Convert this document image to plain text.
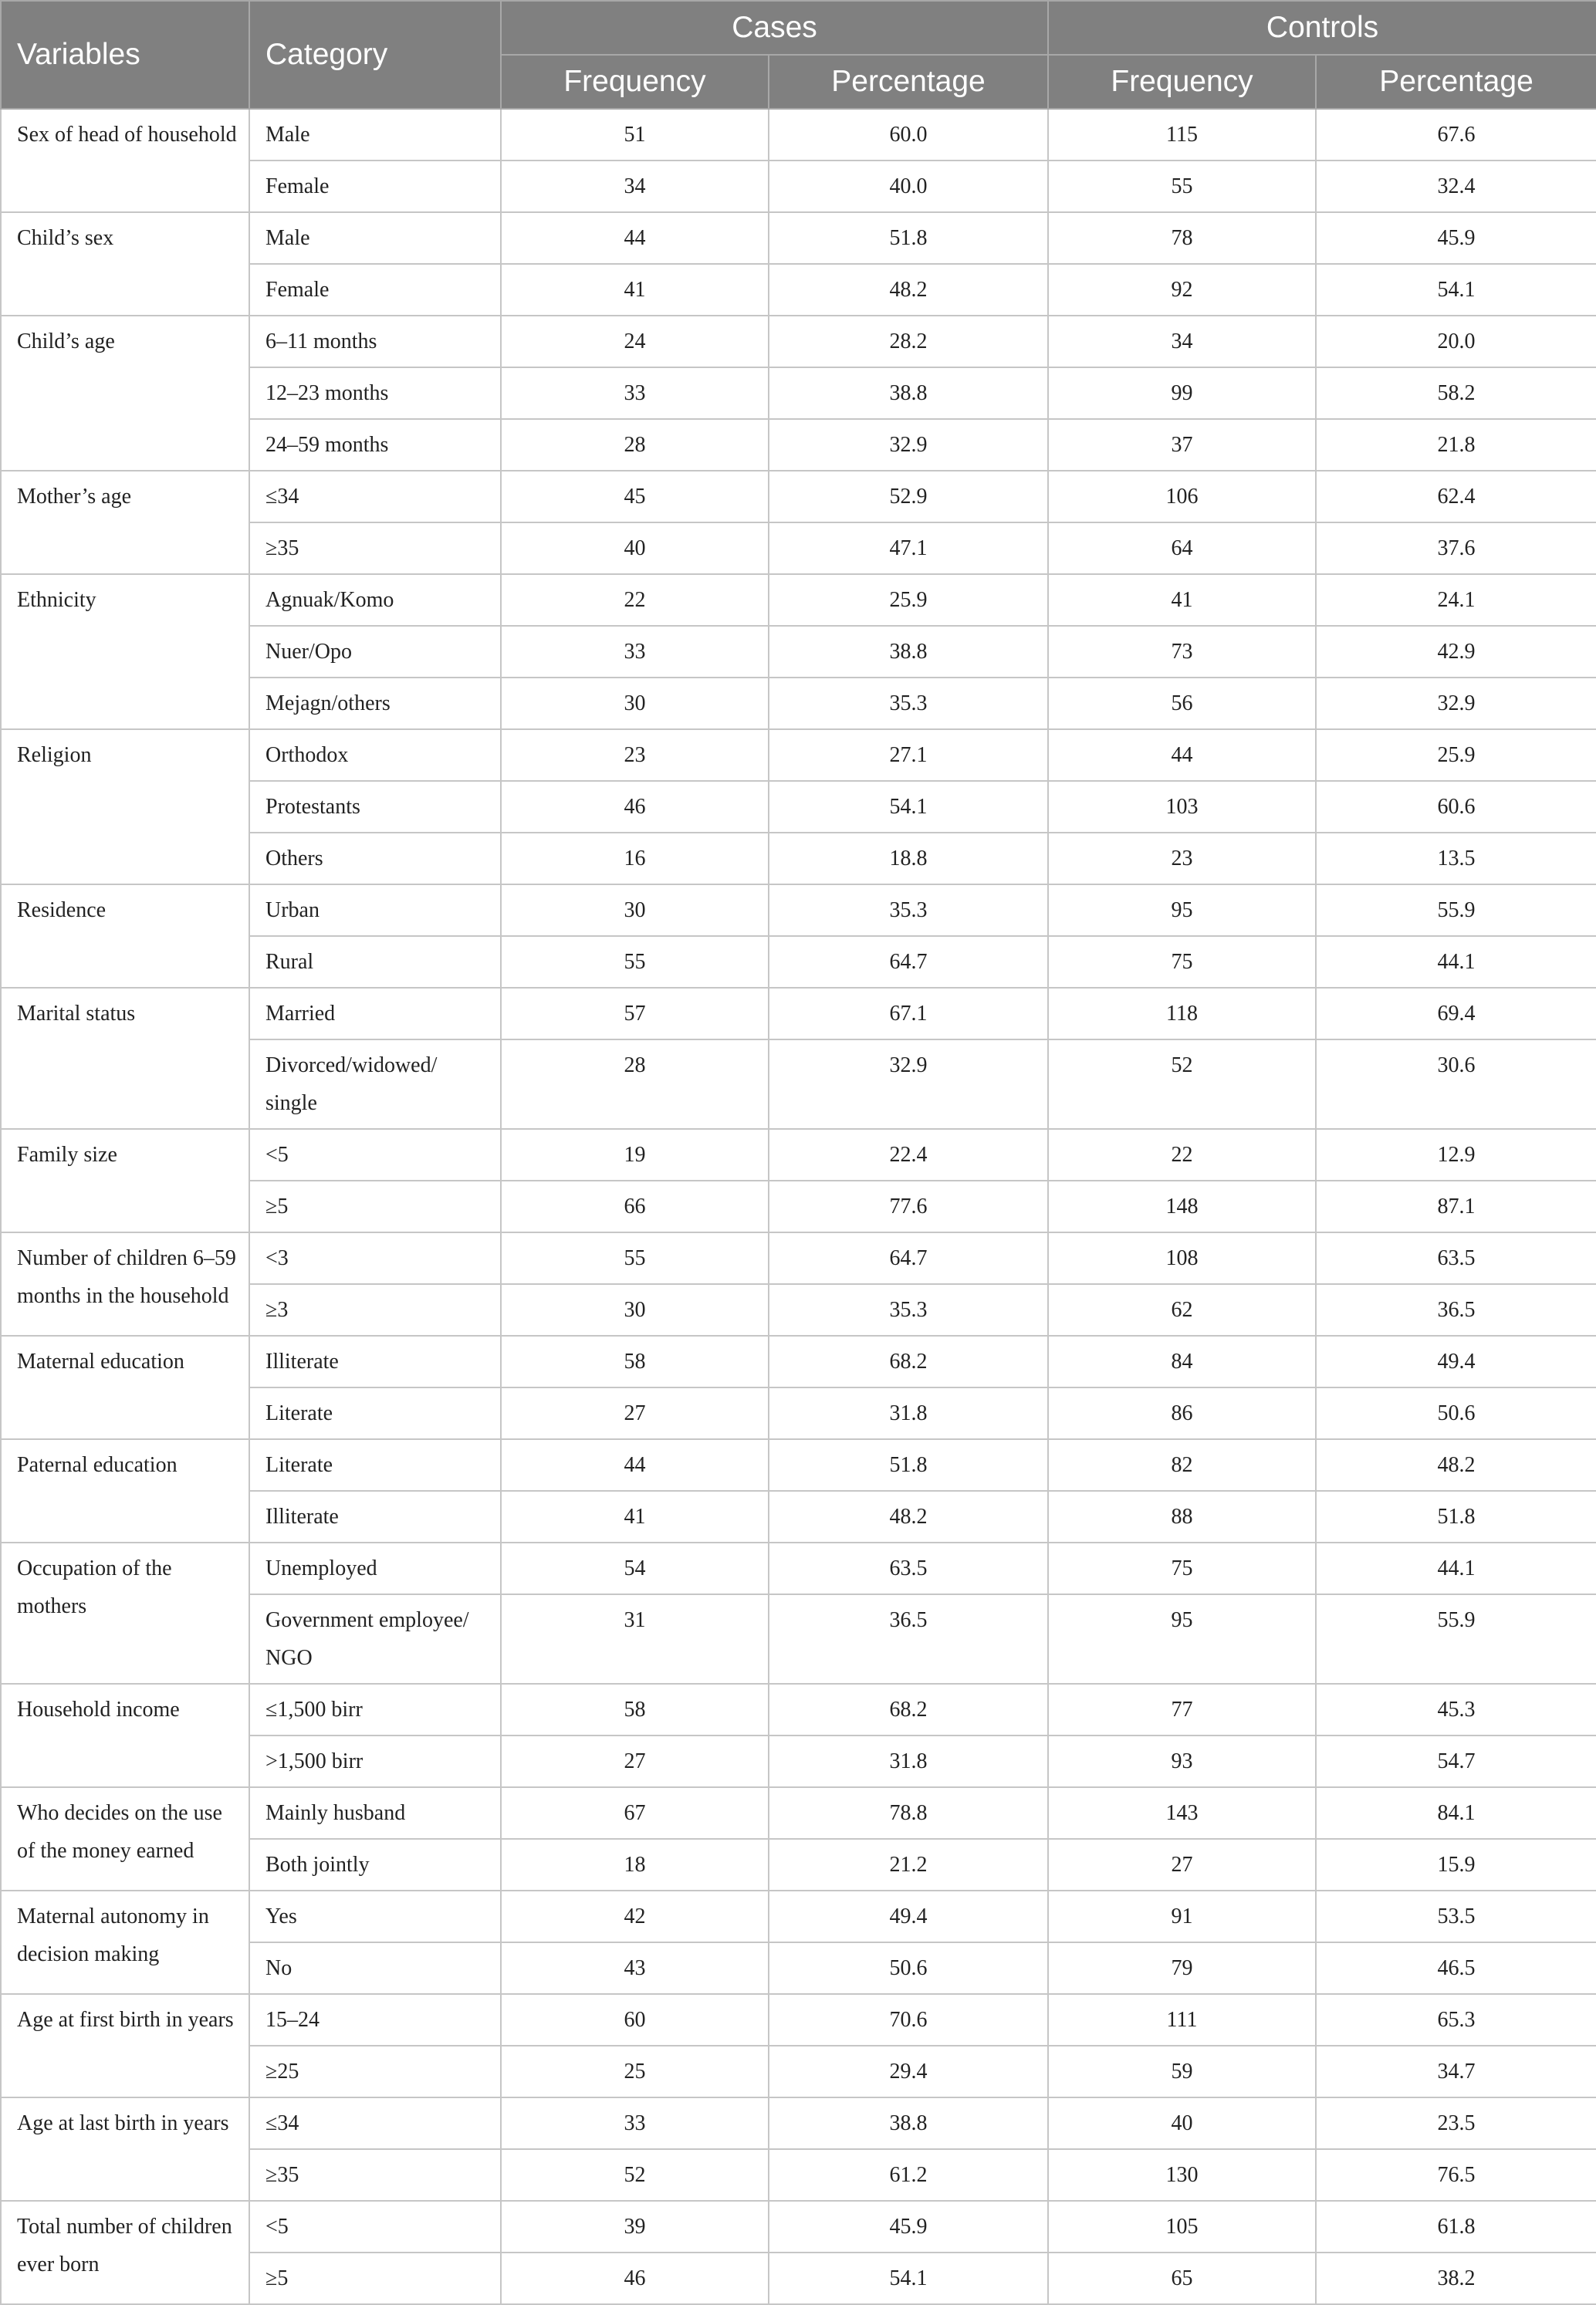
Variables	Category	Cases		Controls	
		Frequency	Percentage	Frequency	Percentage
Sex of head of household	Male	51	60.0	115	67.6
	Female	34	40.0	55	32.4
Child’s sex	Male	44	51.8	78	45.9
	Female	41	48.2	92	54.1
Child’s age	6–11 months	24	28.2	34	20.0
	12–23 months	33	38.8	99	58.2
	24–59 months	28	32.9	37	21.8
Mother’s age	≤34	45	52.9	106	62.4
	≥35	40	47.1	64	37.6
Ethnicity	Agnuak/Komo	22	25.9	41	24.1
	Nuer/Opo	33	38.8	73	42.9
	Mejagn/others	30	35.3	56	32.9
Religion	Orthodox	23	27.1	44	25.9
	Protestants	46	54.1	103	60.6
	Others	16	18.8	23	13.5
Residence	Urban	30	35.3	95	55.9
	Rural	55	64.7	75	44.1
Marital status	Married	57	67.1	118	69.4
	Divorced/widowed/ single	28	32.9	52	30.6
Family size	<5	19	22.4	22	12.9
	≥5	66	77.6	148	87.1
Number of children 6–59 months in the household	<3	55	64.7	108	63.5
	≥3	30	35.3	62	36.5
Maternal education	Illiterate	58	68.2	84	49.4
	Literate	27	31.8	86	50.6
Paternal education	Literate	44	51.8	82	48.2
	Illiterate	41	48.2	88	51.8
Occupation of the mothers	Unemployed	54	63.5	75	44.1
	Government employee/ NGO	31	36.5	95	55.9
Household income	≤1,500 birr	58	68.2	77	45.3
	>1,500 birr	27	31.8	93	54.7
Who decides on the use of the money earned	Mainly husband	67	78.8	143	84.1
	Both jointly	18	21.2	27	15.9
Maternal autonomy in decision making	Yes	42	49.4	91	53.5
	No	43	50.6	79	46.5
Age at first birth in years	15–24	60	70.6	111	65.3
	≥25	25	29.4	59	34.7
Age at last birth in years	≤34	33	38.8	40	23.5
	≥35	52	61.2	130	76.5
Total number of children ever born	<5	39	45.9	105	61.8
	≥5	46	54.1	65	38.2
